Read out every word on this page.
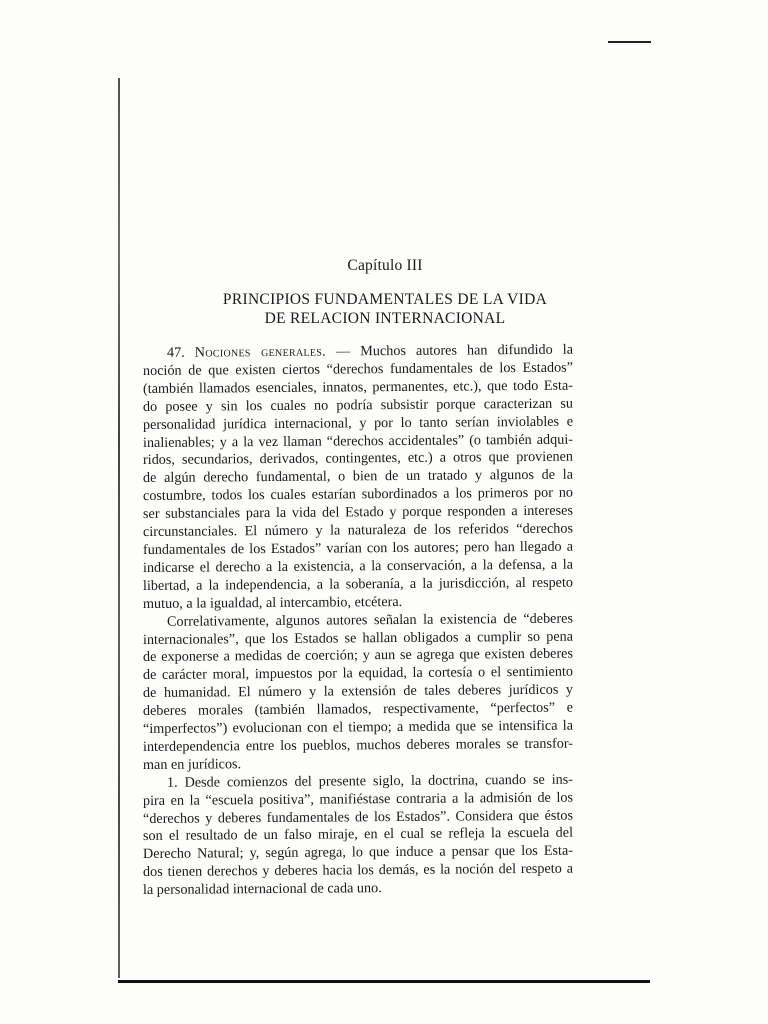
Capítulo III
PRINCIPIOS FUNDAMENTALES DE LA VIDA
DE RELACION INTERNACIONAL
47. Nociones generales. — Muchos autores han difundido la
noción de que existen ciertos “derechos fundamentales de los Estados”
(también llamados esenciales, innatos, permanentes, etc.), que todo Esta-
do posee y sin los cuales no podría subsistir porque caracterizan su
personalidad jurídica internacional, y por lo tanto serían inviolables e
inalienables; y a la vez llaman “derechos accidentales” (o también adqui-
ridos, secundarios, derivados, contingentes, etc.) a otros que provienen
de algún derecho fundamental, o bien de un tratado y algunos de la
costumbre, todos los cuales estarían subordinados a los primeros por no
ser substanciales para la vida del Estado y porque responden a intereses
circunstanciales. El número y la naturaleza de los referidos “derechos
fundamentales de los Estados” varían con los autores; pero han llegado a
indicarse el derecho a la existencia, a la conservación, a la defensa, a la
libertad, a la independencia, a la soberanía, a la jurisdicción, al respeto
mutuo, a la igualdad, al intercambio, etcétera.
Correlativamente, algunos autores señalan la existencia de “deberes
internacionales”, que los Estados se hallan obligados a cumplir so pena
de exponerse a medidas de coerción; y aun se agrega que existen deberes
de carácter moral, impuestos por la equidad, la cortesía o el sentimiento
de humanidad. El número y la extensión de tales deberes jurídicos y
deberes morales (también llamados, respectivamente, “perfectos” e
“imperfectos”) evolucionan con el tiempo; a medida que se intensifica la
interdependencia entre los pueblos, muchos deberes morales se transfor-
man en jurídicos.
1. Desde comienzos del presente siglo, la doctrina, cuando se ins-
pira en la “escuela positiva”, manifiéstase contraria a la admisión de los
“derechos y deberes fundamentales de los Estados”. Considera que éstos
son el resultado de un falso miraje, en el cual se refleja la escuela del
Derecho Natural; y, según agrega, lo que induce a pensar que los Esta-
dos tienen derechos y deberes hacia los demás, es la noción del respeto a
la personalidad internacional de cada uno.
